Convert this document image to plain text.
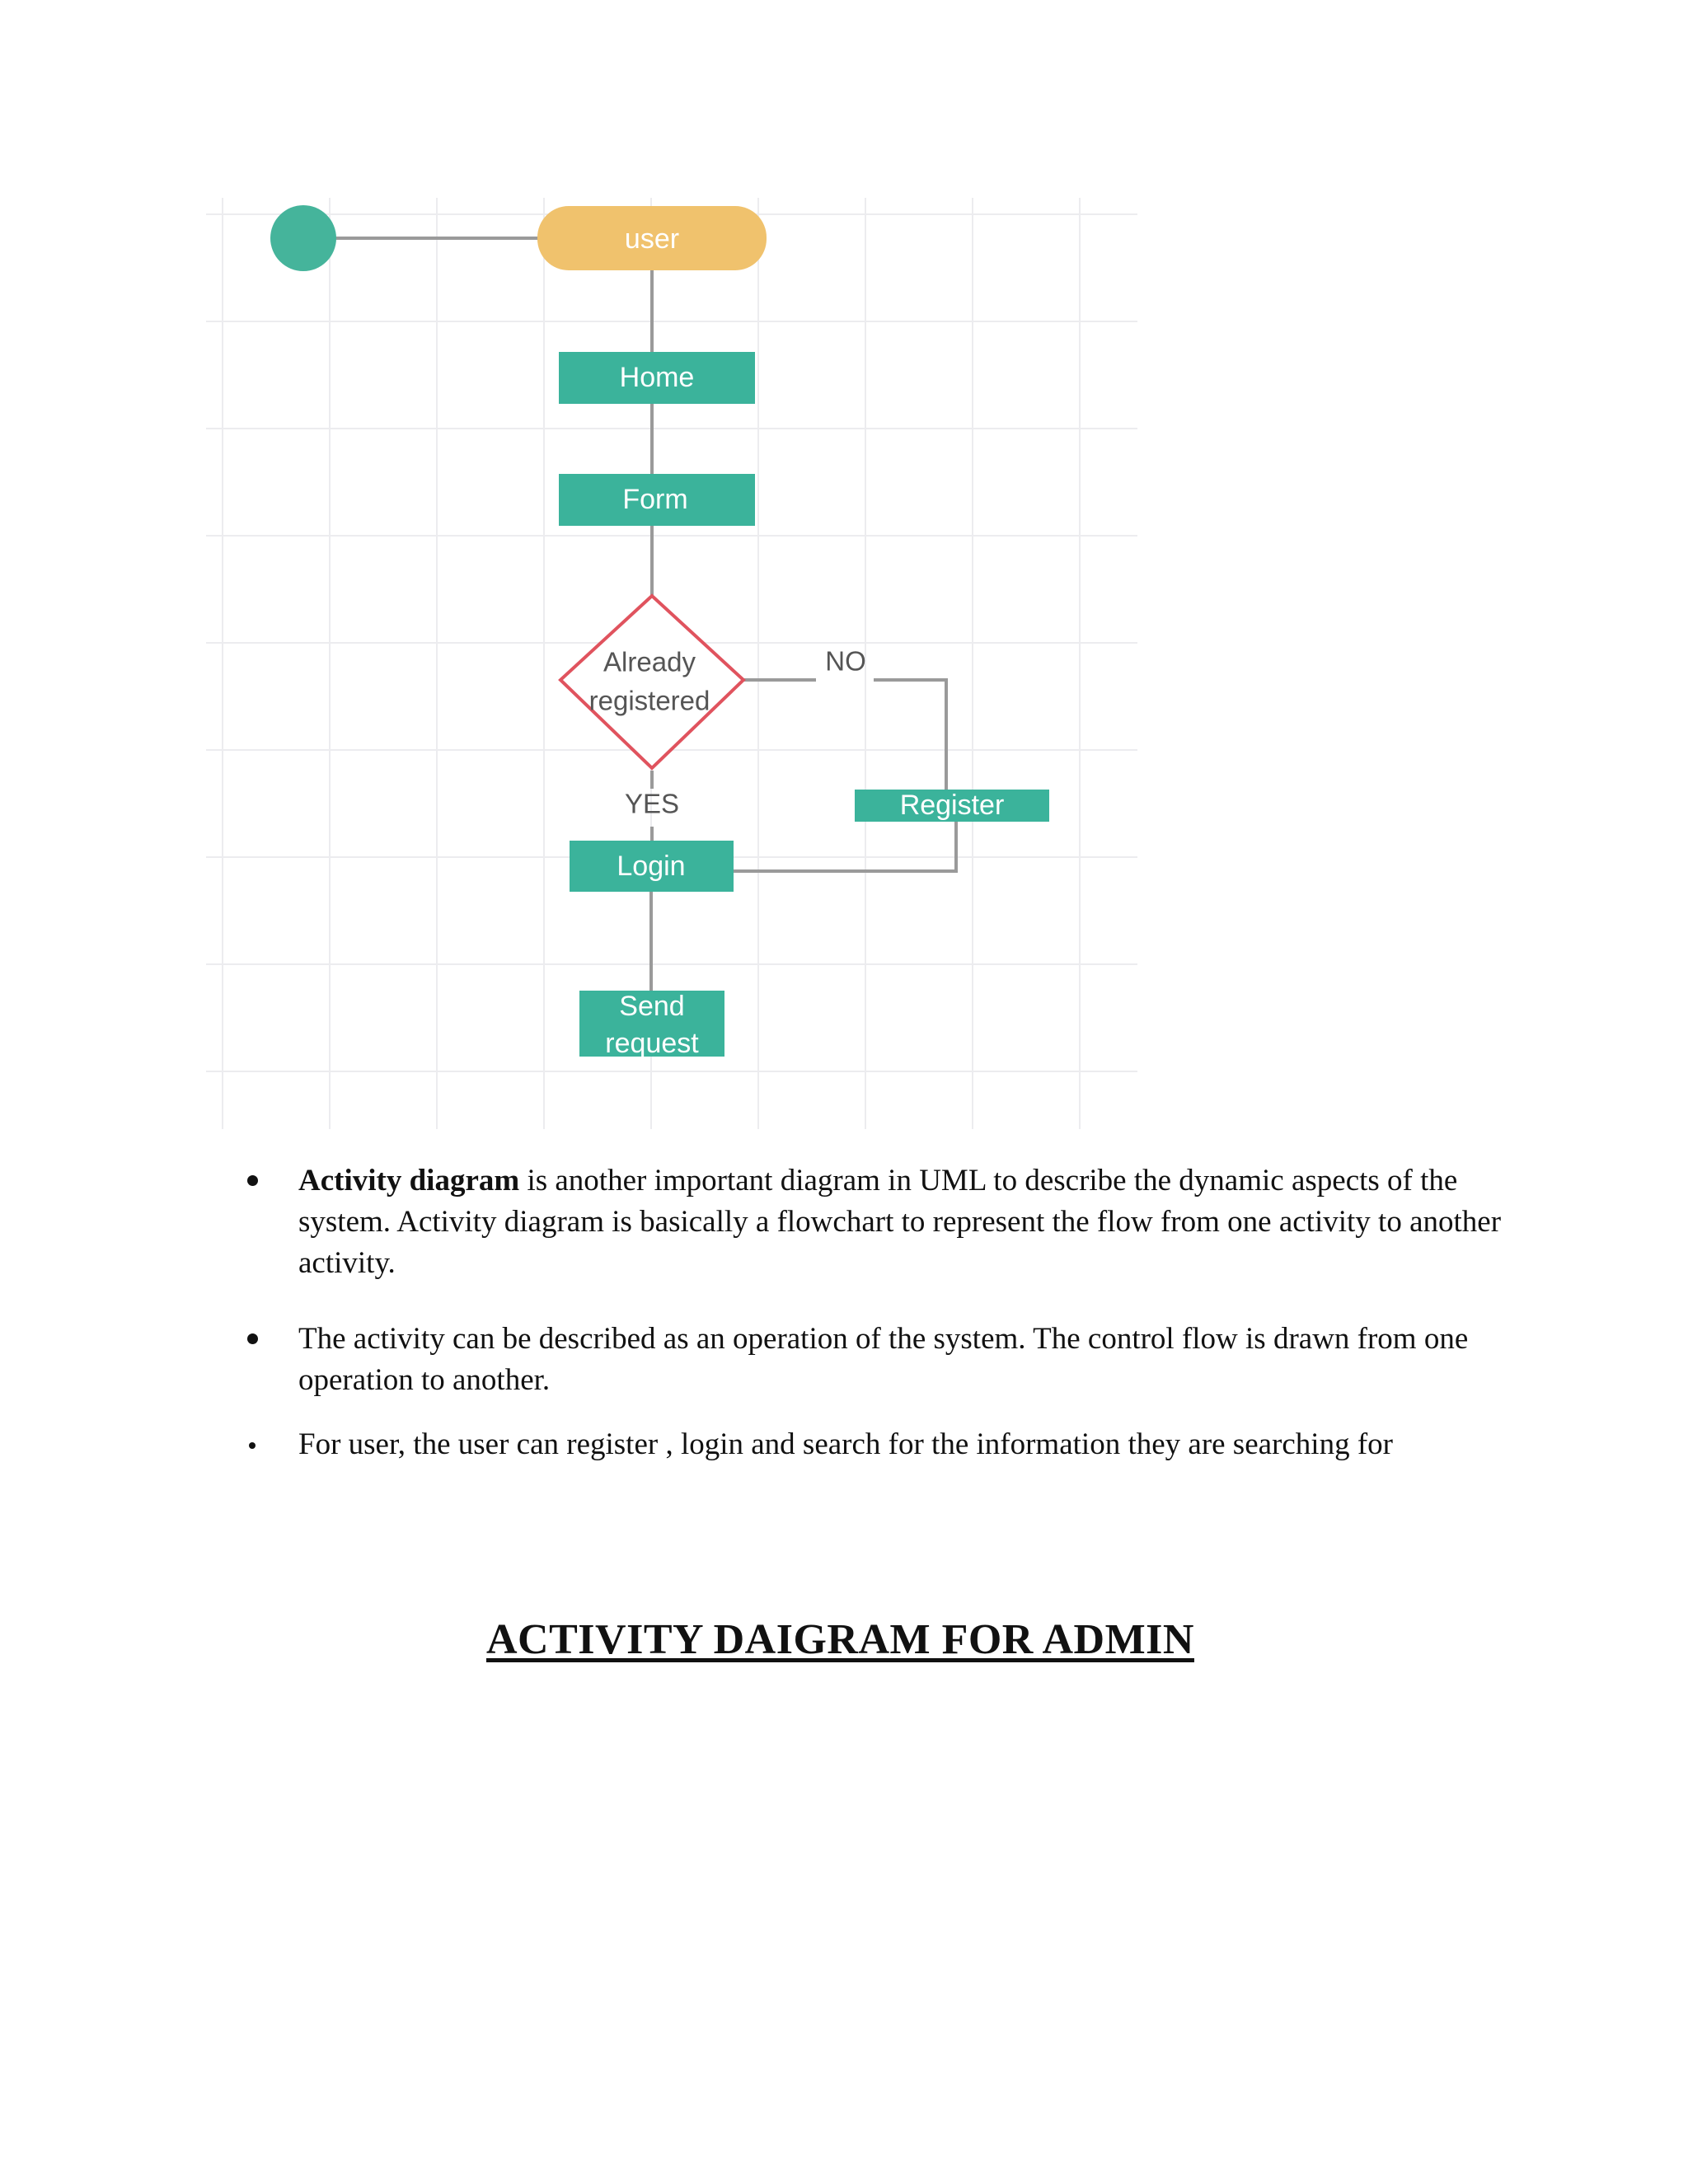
user
Home
Form
Already
registered
NO
YES	Register
Login
Send
request
Activity diagram is another important diagram in UML to describe the dynamic aspects of the system. Activity diagram is basically a flowchart to represent the flow from one activity to another activity.
The activity can be described as an operation of the system. The control flow is drawn from one operation to another.
For user, the user can register , login and search for the information they are searching for
ACTIVITY DAIGRAM FOR ADMIN
